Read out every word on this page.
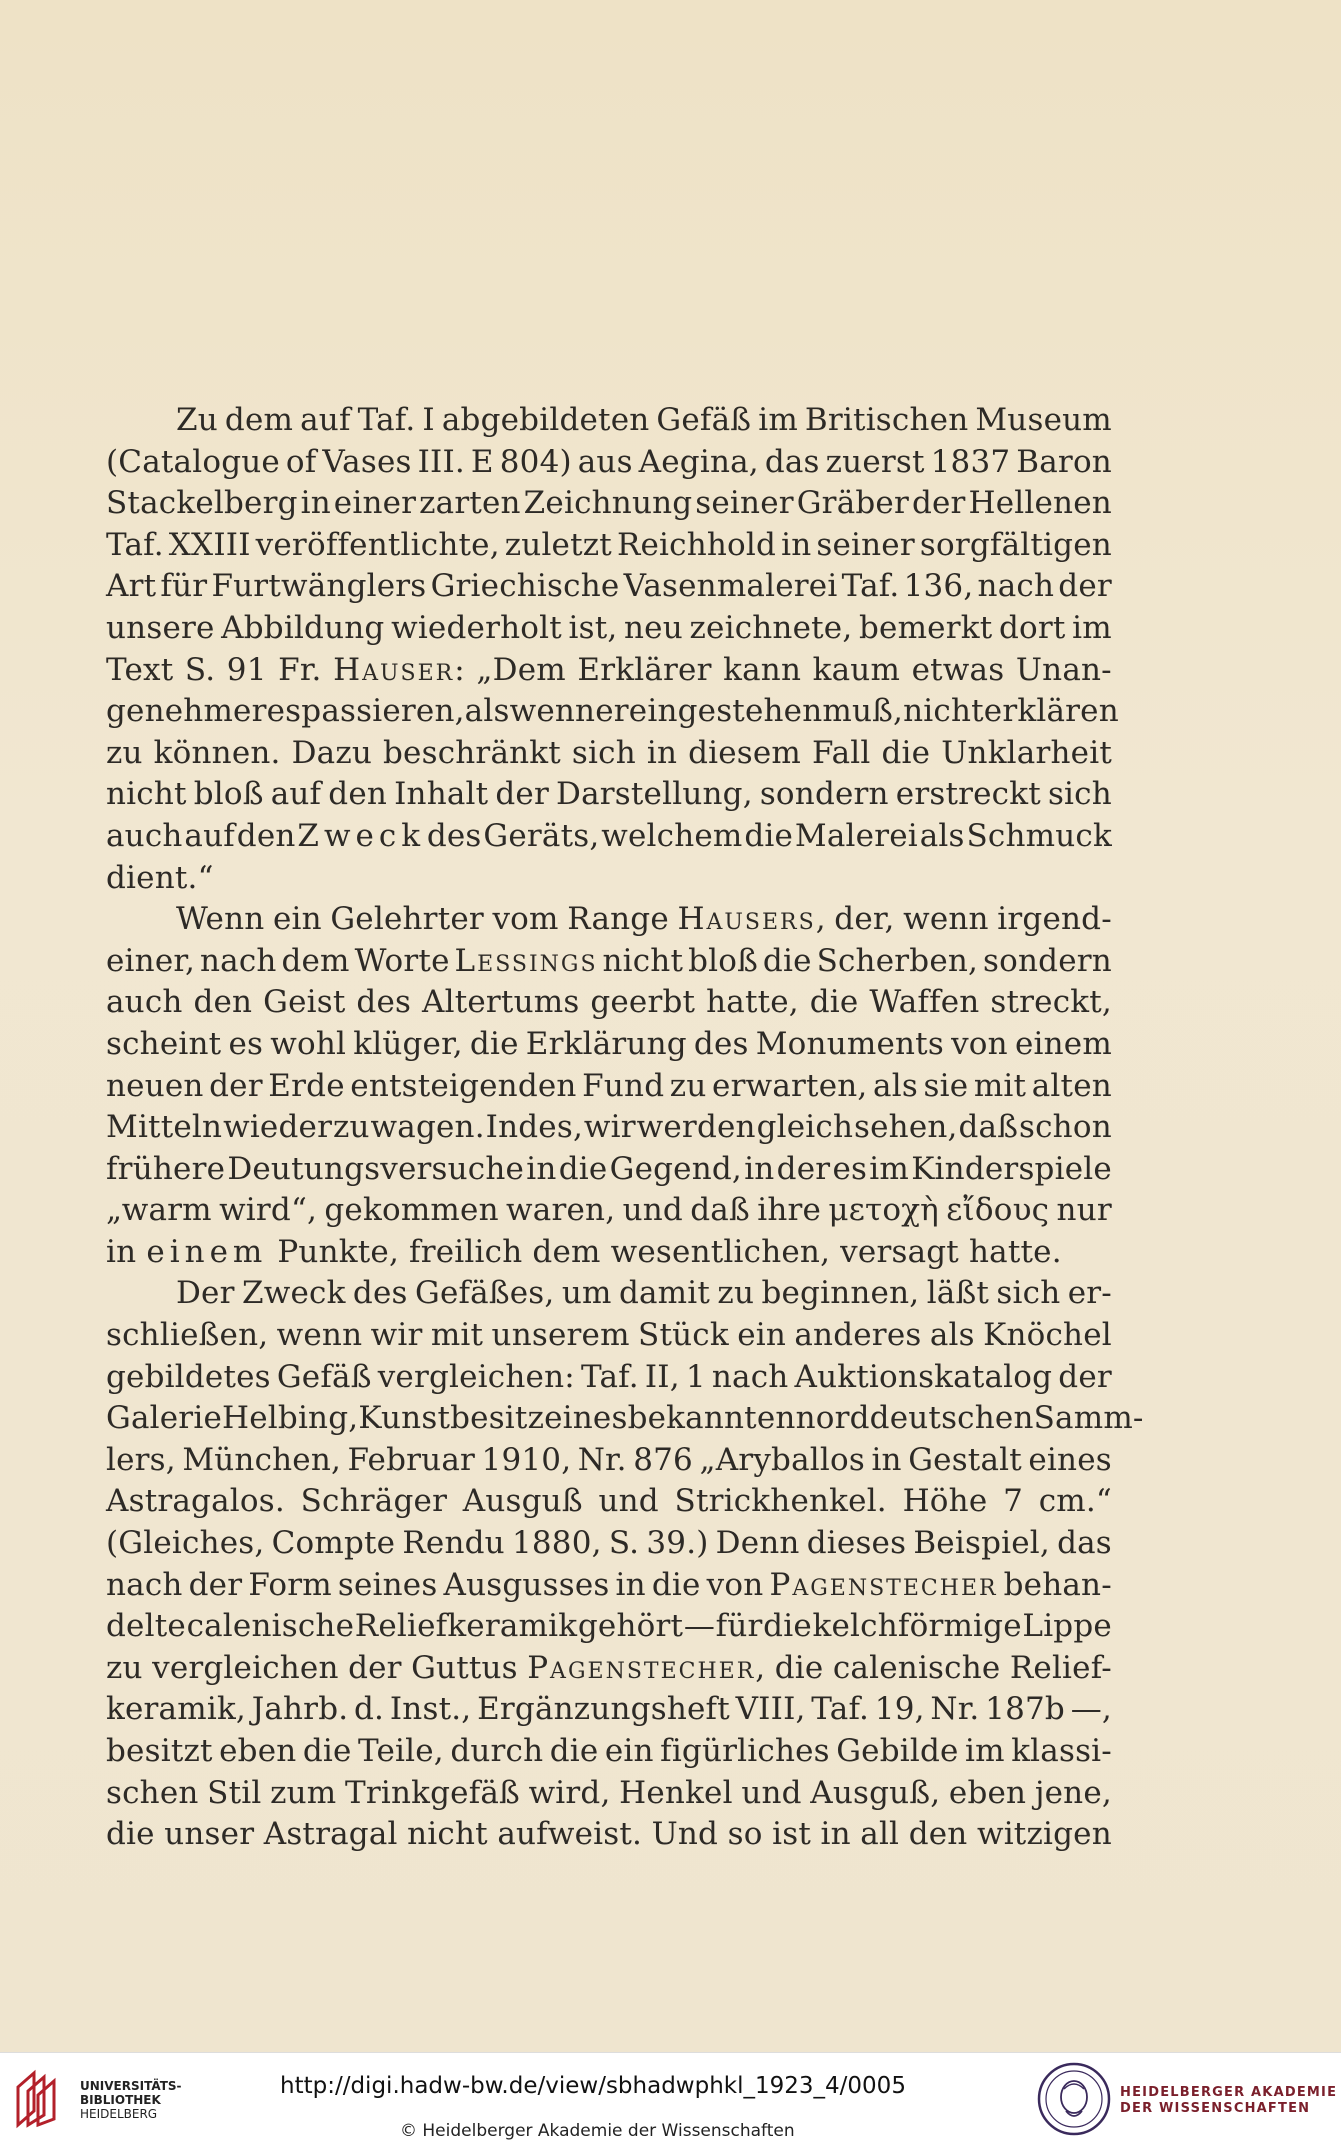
Zu dem auf Taf. I abgebildeten Gefäß im Britischen Museum
(Catalogue of Vases III. E 804) aus Aegina, das zuerst 1837 Baron
Stackelberg in einer zarten Zeichnung seiner Gräber der Hellenen
Taf. XXIII veröffentlichte, zuletzt Reichhold in seiner sorgfältigen
Art für Furtwänglers Griechische Vasenmalerei Taf. 136, nach der
unsere Abbildung wiederholt ist, neu zeichnete, bemerkt dort im
Text S. 91 Fr. Hauser: „Dem Erklärer kann kaum etwas Unan-
genehmeres passieren, als wenn er eingestehen muß, nicht erklären
zu können. Dazu beschränkt sich in diesem Fall die Unklarheit
nicht bloß auf den Inhalt der Darstellung, sondern erstreckt sich
auch auf den Zweck des Geräts, welchem die Malerei als Schmuck
dient.“
Wenn ein Gelehrter vom Range Hausers, der, wenn irgend-
einer, nach dem Worte Lessings nicht bloß die Scherben, sondern
auch den Geist des Altertums geerbt hatte, die Waffen streckt,
scheint es wohl klüger, die Erklärung des Monuments von einem
neuen der Erde entsteigenden Fund zu erwarten, als sie mit alten
Mitteln wieder zu wagen. Indes, wir werden gleich sehen, daß schon
frühere Deutungsversuche in die Gegend, in der es im Kinderspiele
„warm wird“, gekommen waren, und daß ihre μετοχὴ εἴδους nur
in einem Punkte, freilich dem wesentlichen, versagt hatte.
Der Zweck des Gefäßes, um damit zu beginnen, läßt sich er-
schließen, wenn wir mit unserem Stück ein anderes als Knöchel
gebildetes Gefäß vergleichen: Taf. II, 1 nach Auktionskatalog der
Galerie Helbing, Kunstbesitz eines bekannten norddeutschen Samm-
lers, München, Februar 1910, Nr. 876 „Aryballos in Gestalt eines
Astragalos. Schräger Ausguß und Strickhenkel. Höhe 7 cm.“
(Gleiches, Compte Rendu 1880, S. 39.) Denn dieses Beispiel, das
nach der Form seines Ausgusses in die von Pagenstecher behan-
delte calenische Reliefkeramik gehört — für die kelchförmige Lippe
zu vergleichen der Guttus Pagenstecher, die calenische Relief-
keramik, Jahrb. d. Inst., Ergänzungsheft VIII, Taf. 19, Nr. 187b —,
besitzt eben die Teile, durch die ein figürliches Gebilde im klassi-
schen Stil zum Trinkgefäß wird, Henkel und Ausguß, eben jene,
die unser Astragal nicht aufweist. Und so ist in all den witzigen
UNIVERSITÄTS-
BIBLIOTHEK
HEIDELBERG
http://digi.hadw-bw.de/view/sbhadwphkl_1923_4/0005
© Heidelberger Akademie der Wissenschaften
HEIDELBERGER AKADEMIE
DER WISSENSCHAFTEN
